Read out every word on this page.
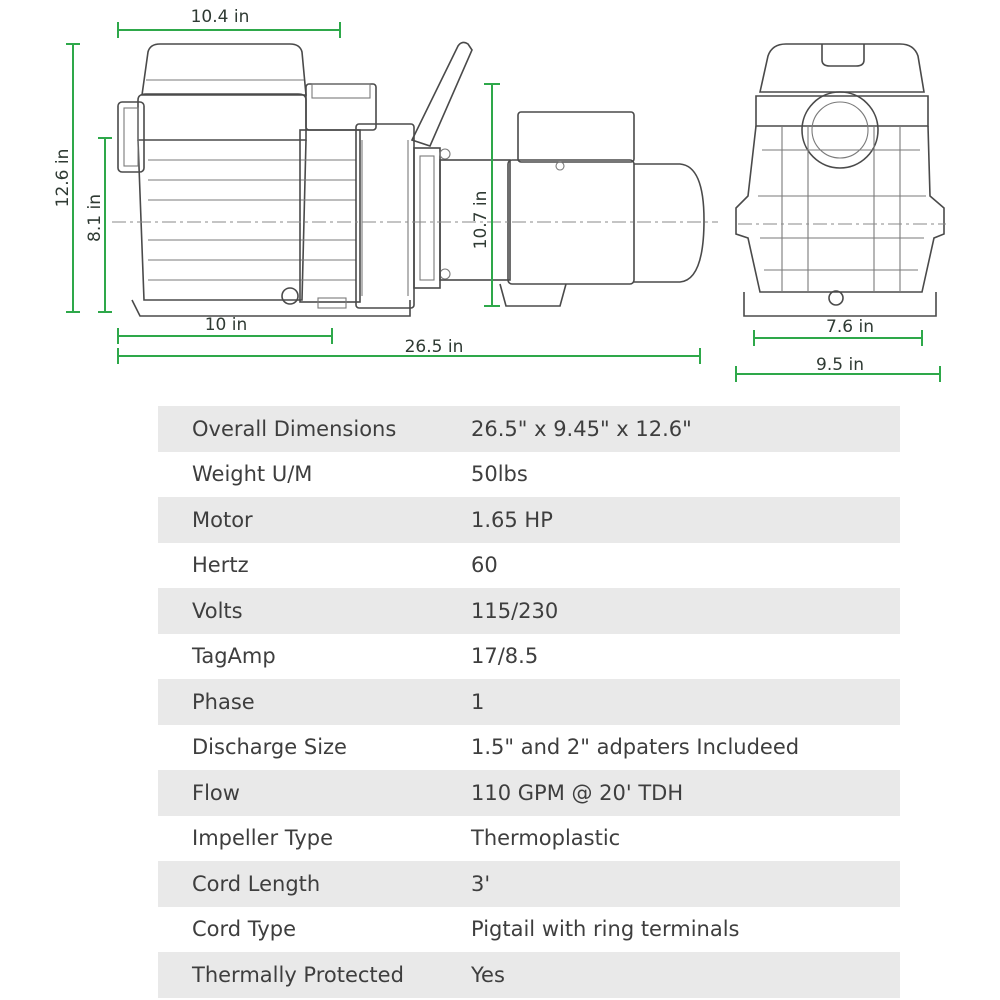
10.4 in
12.6 in
8.1 in	10.7 in
10 in
26.5 in
7.6 in
9.5 in
Overall Dimensions	26.5" x 9.45" x 12.6"
Weight U/M	50lbs
Motor	1.65 HP
Hertz	60
Volts	115/230
TagAmp	17/8.5
Phase	1
Discharge Size	1.5" and 2" adpaters Includeed
Flow	110 GPM @ 20' TDH
Impeller Type	Thermoplastic
Cord Length	3'
Cord Type	Pigtail with ring terminals
Thermally Protected	Yes
